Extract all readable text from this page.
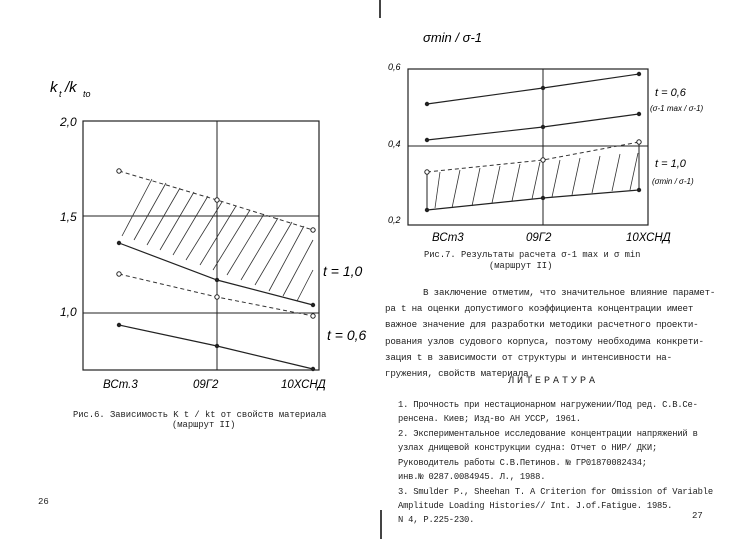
k t /k to
2,0
1,5
1,0
ВСт.3	09Г2	10ХСНД
t = 1,0
t = 0,6
Рис.6. Зависимость K t / kt от свойств материала
(маршрут II)
26
σmin / σ-1
0,6
0,4
0,2
ВСт3	09Г2	10ХСНД
t = 0,6
(σ-1 max / σ-1)
t = 1,0
(σmin / σ-1)
Рис.7. Результаты расчета σ-1 max и σ min
(маршрут II)
В заключение отметим, что значительное влияние парамет-
ра t на оценки допустимого коэффициента концентрации имеет
важное значение для разработки методики расчетного проекти-
рования узлов судового корпуса, поэтому необходима конкрети-
зация t в зависимости от структуры и интенсивности на-
гружения, свойств материала.
ЛИТЕРАТУРА
1. Прочность при нестационарном нагружении/Под ред. С.В.Се-
ренсена. Киев; Изд-во АН УССР, 1961.
2. Экспериментальное исследование концентрации напряжений в
узлах днищевой конструкции судна: Отчет о НИР/ ДКИ;
Руководитель работы С.В.Петинов. № ГР01870082434;
инв.№ 0287.0084945. Л., 1988.
3. Smulder P., Sheehan T. A Criterion for Omission of Variable
Amplitude Loading Histories// Int. J.of.Fatigue. 1985.
N 4, P.225-230.	27
